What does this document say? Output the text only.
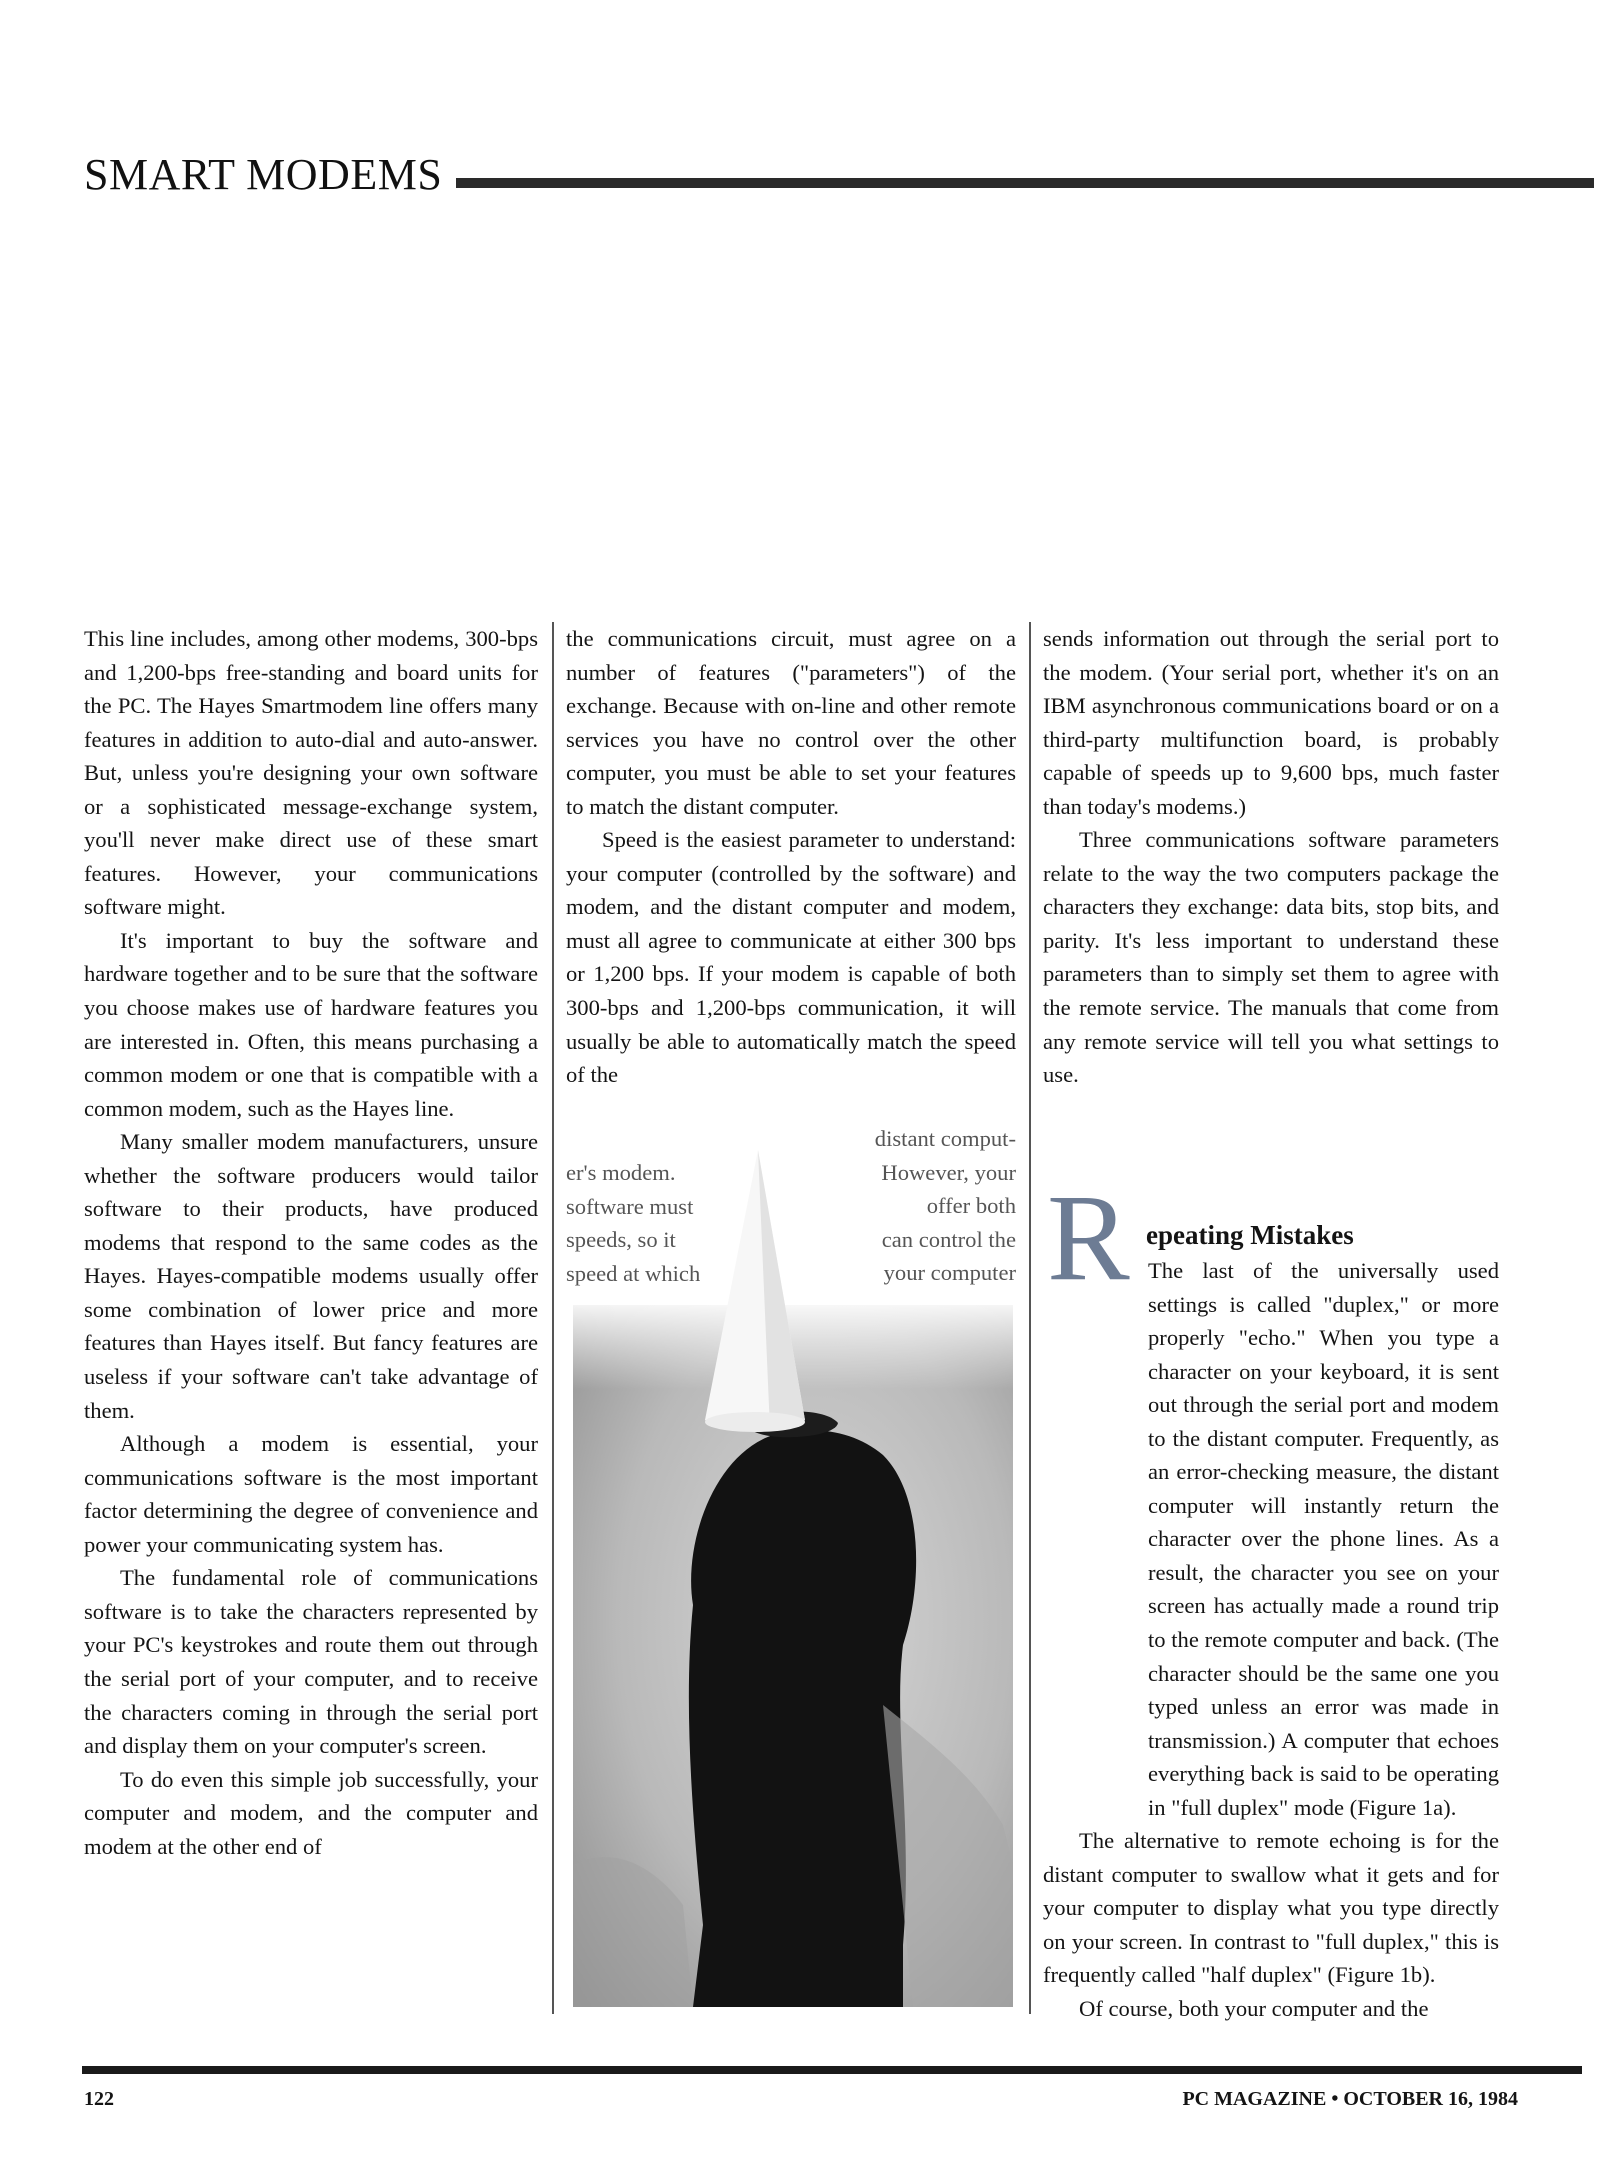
SMART MODEMS

This line includes, among other modems, 300-bps and 1,200-bps free-standing and board units for the PC. The Hayes Smartmodem line offers many features in addition to auto-dial and auto-answer. But, unless you're designing your own software or a sophisticated message-exchange system, you'll never make direct use of these smart features. However, your communications software might.

It's important to buy the software and hardware together and to be sure that the software you choose makes use of hardware features you are interested in. Often, this means purchasing a common modem or one that is compatible with a common modem, such as the Hayes line.

Many smaller modem manufacturers, unsure whether the software producers would tailor software to their products, have produced modems that respond to the same codes as the Hayes. Hayes-compatible modems usually offer some combination of lower price and more features than Hayes itself. But fancy features are useless if your software can't take advantage of them.

Although a modem is essential, your communications software is the most important factor determining the degree of convenience and power your communicating system has.

The fundamental role of communications software is to take the characters represented by your PC's keystrokes and route them out through the serial port of your computer, and to receive the characters coming in through the serial port and display them on your computer's screen.

To do even this simple job successfully, your computer and modem, and the computer and modem at the other end of

the communications circuit, must agree on a number of features ("parameters") of the exchange. Because with on-line and other remote services you have no control over the other computer, you must be able to set your features to match the distant computer.

Speed is the easiest parameter to understand: your computer (controlled by the software) and modem, and the distant computer and modem, must all agree to communicate at either 300 bps or 1,200 bps. If your modem is capable of both 300-bps and 1,200-bps communication, it will usually be able to automatically match the speed of the

er's modem.
software must
speeds, so it
speed at which
distant comput-
However, your
offer both
can control the
your computer

sends information out through the serial port to the modem. (Your serial port, whether it's on an IBM asynchronous communications board or on a third-party multifunction board, is probably capable of speeds up to 9,600 bps, much faster than today's modems.)

Three communications software parameters relate to the way the two computers package the characters they exchange: data bits, stop bits, and parity. It's less important to understand these parameters than to simply set them to agree with the remote service. The manuals that come from any remote service will tell you what settings to use.

R epeating Mistakes

The last of the universally used settings is called "duplex," or more properly "echo." When you type a character on your keyboard, it is sent out through the serial port and modem to the distant computer. Frequently, as an error-checking measure, the distant computer will instantly return the character over the phone lines. As a result, the character you see on your screen has actually made a round trip to the remote computer and back. (The character should be the same one you typed unless an error was made in transmission.) A computer that echoes everything back is said to be operating in "full duplex" mode (Figure 1a).

The alternative to remote echoing is for the distant computer to swallow what it gets and for your computer to display what you type directly on your screen. In contrast to "full duplex," this is frequently called "half duplex" (Figure 1b).

Of course, both your computer and the

122	PC MAGAZINE • OCTOBER 16, 1984
